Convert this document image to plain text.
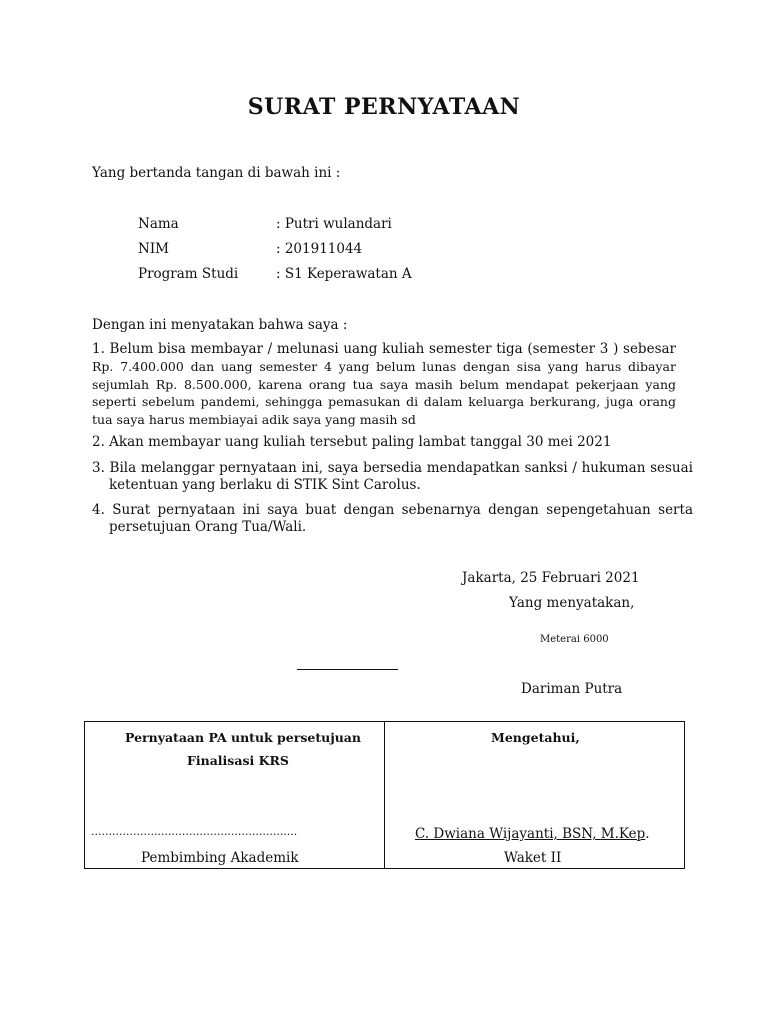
SURAT PERNYATAAN
Yang bertanda tangan di bawah ini :
Nama	: Putri wulandari
NIM	: 201911044
Program Studi	: S1 Keperawatan A
Dengan ini menyatakan bahwa saya :
1. Belum bisa membayar / melunasi uang kuliah semester tiga (semester 3 ) sebesar
Rp. 7.400.000 dan uang semester 4 yang belum lunas dengan sisa yang harus dibayar sejumlah Rp. 8.500.000, karena orang tua saya masih belum mendapat pekerjaan yang seperti sebelum pandemi, sehingga pemasukan di dalam keluarga berkurang, juga orang tua saya harus membiayai adik saya yang masih sd
2. Akan membayar uang kuliah tersebut paling lambat tanggal 30 mei 2021
3. Bila melanggar pernyataan ini, saya bersedia mendapatkan sanksi / hukuman sesuai ketentuan yang berlaku di STIK Sint Carolus.
4. Surat pernyataan ini saya buat dengan sebenarnya dengan sepengetahuan serta persetujuan Orang Tua/Wali.
Jakarta, 25 Februari 2021
Yang menyatakan,
Meterai 6000
Dariman Putra
Pernyataan PA untuk persetujuan
Finalisasi KRS
...........................................................
Pembimbing Akademik
Mengetahui,
C. Dwiana Wijayanti, BSN, M.Kep.
Waket II
